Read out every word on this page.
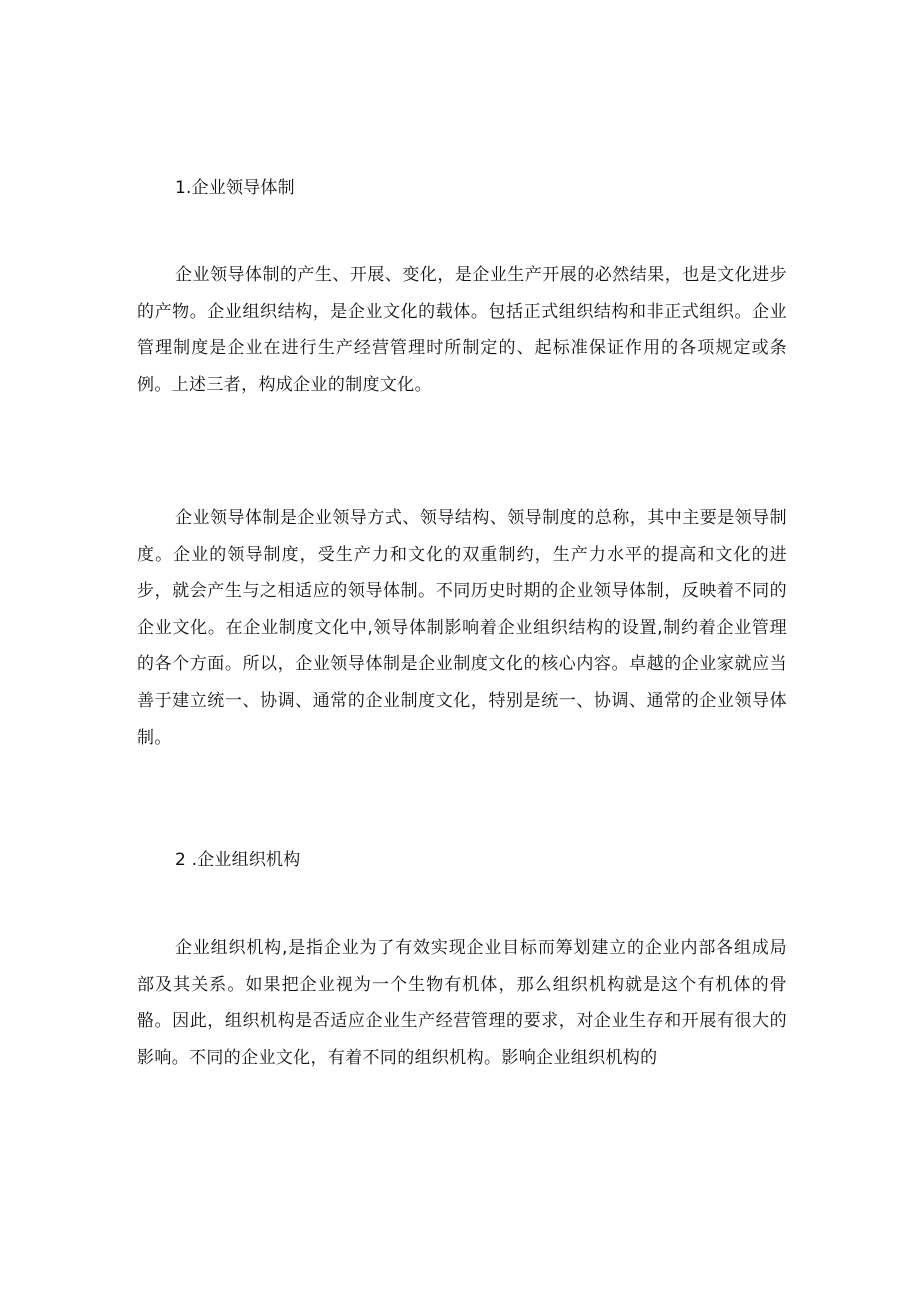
1.企业领导体制

企业领导体制的产生、开展、变化，是企业生产开展的必然结果，也是文化进步的产物。企业组织结构，是企业文化的载体。包括正式组织结构和非正式组织。企业管理制度是企业在进行生产经营管理时所制定的、起标准保证作用的各项规定或条例。上述三者，构成企业的制度文化。

企业领导体制是企业领导方式、领导结构、领导制度的总称，其中主要是领导制度。企业的领导制度，受生产力和文化的双重制约，生产力水平的提高和文化的进步，就会产生与之相适应的领导体制。不同历史时期的企业领导体制，反映着不同的企业文化。在企业制度文化中,领导体制影响着企业组织结构的设置,制约着企业管理的各个方面。所以，企业领导体制是企业制度文化的核心内容。卓越的企业家就应当善于建立统一、协调、通常的企业制度文化，特别是统一、协调、通常的企业领导体制。

2 .企业组织机构

企业组织机构,是指企业为了有效实现企业目标而筹划建立的企业内部各组成局部及其关系。如果把企业视为一个生物有机体，那么组织机构就是这个有机体的骨骼。因此，组织机构是否适应企业生产经营管理的要求，对企业生存和开展有很大的影响。不同的企业文化，有着不同的组织机构。影响企业组织机构的
